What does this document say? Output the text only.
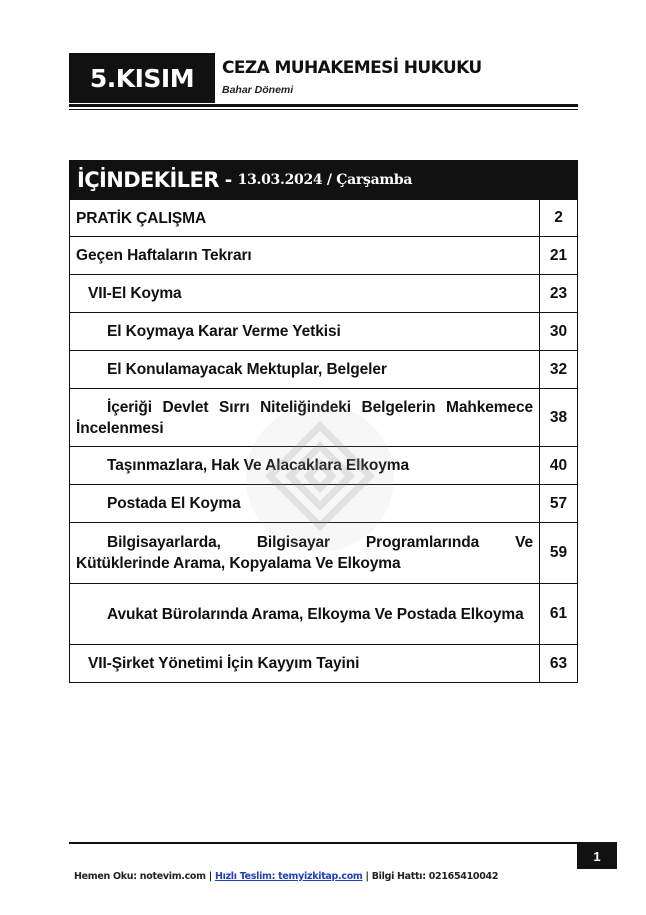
5.KISIM CEZA MUHAKEMESİ HUKUKU
Bahar Dönemi
İÇİNDEKİLER - 13.03.2024 / Çarşamba
PRATİK ÇALIŞMA	2
Geçen Haftaların Tekrarı	21
VII-El Koyma	23
El Koymaya Karar Verme Yetkisi	30
El Konulamayacak Mektuplar, Belgeler	32
İçeriği Devlet Sırrı Niteliğindeki Belgelerin Mahkemece İncelenmesi	38
Taşınmazlara, Hak Ve Alacaklara Elkoyma	40
Postada El Koyma	57
Bilgisayarlarda, Bilgisayar Programlarında Ve Kütüklerinde Arama, Kopyalama Ve Elkoyma	59
Avukat Bürolarında Arama, Elkoyma Ve Postada Elkoyma	61
VII-Şirket Yönetimi İçin Kayyım Tayini	63
1
Hemen Oku: notevim.com | Hızlı Teslim: temyizkitap.com | Bilgi Hattı: 02165410042
